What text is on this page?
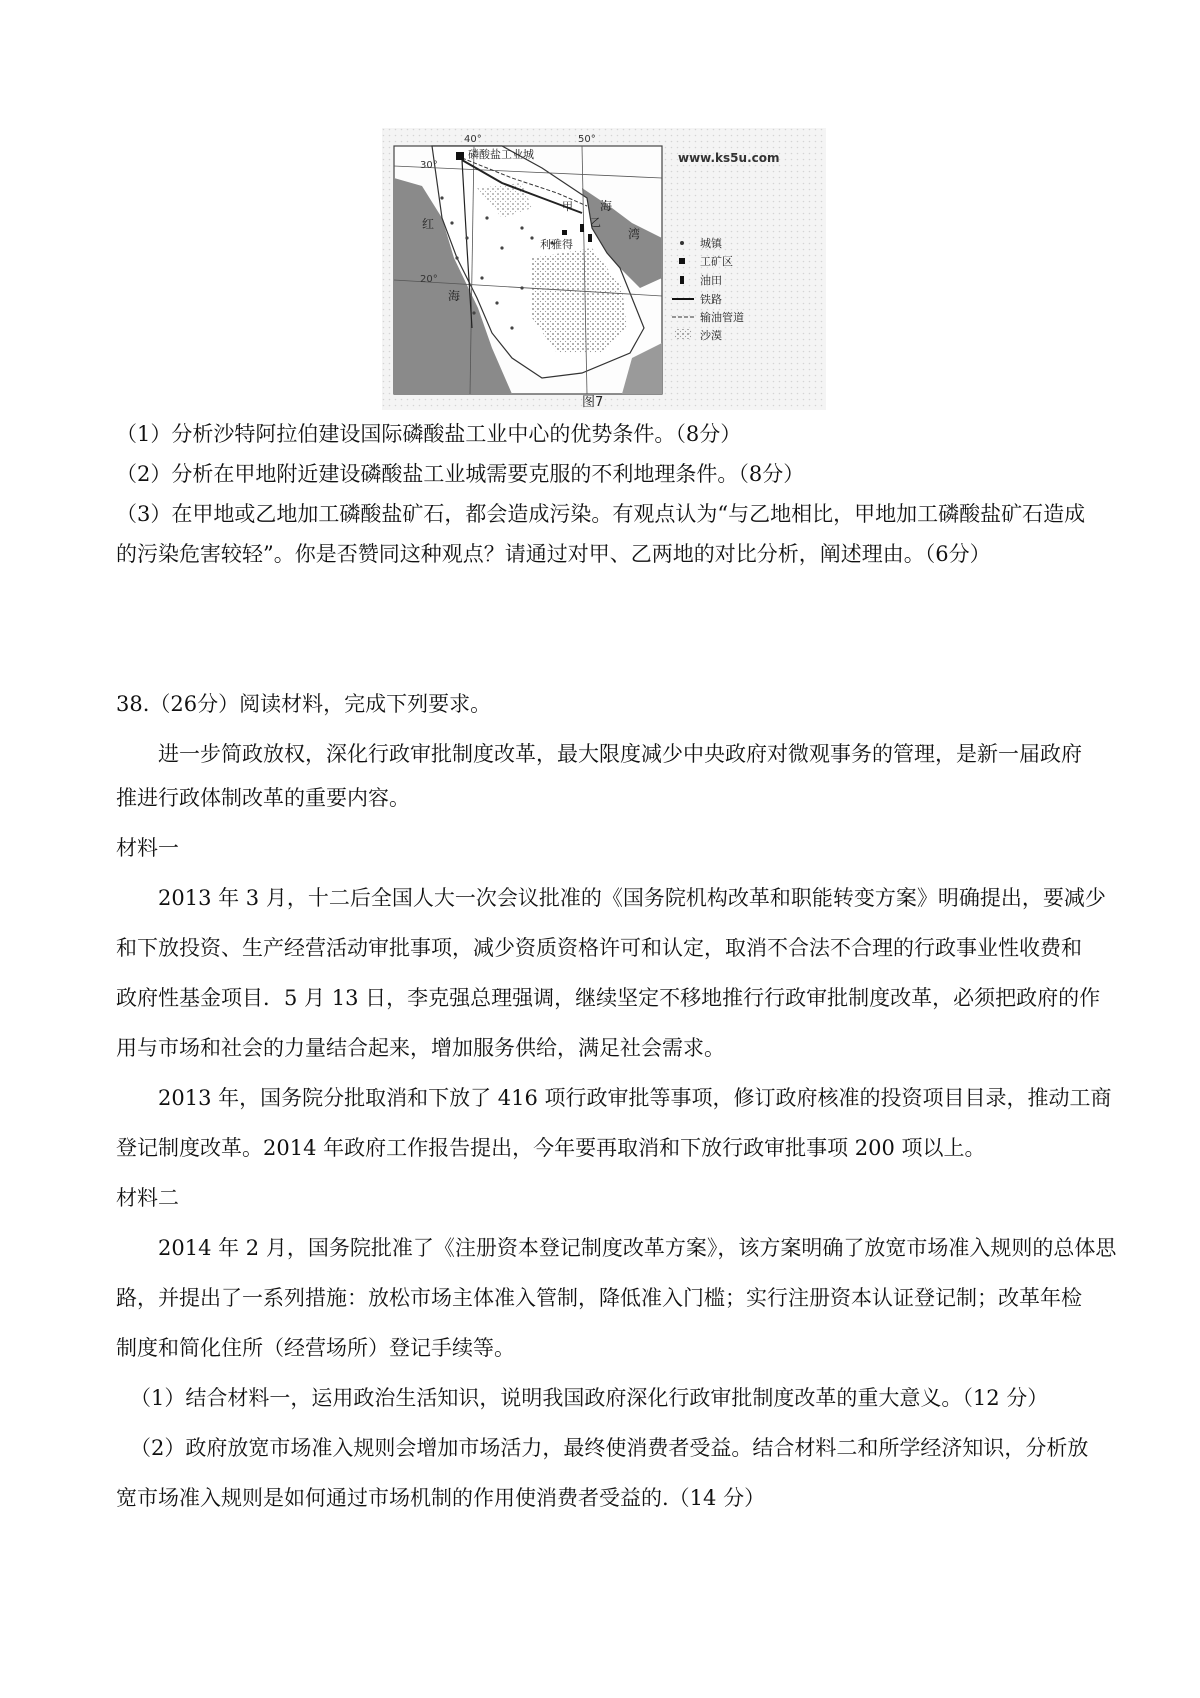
30°
20°
40°	50°
磷酸盐工业城	www.ks5u.com
甲
乙
红
海
海
湾
利雅得	城镇
工矿区
油田
铁路
输油管道
沙漠
图7
（1）分析沙特阿拉伯建设国际磷酸盐工业中心的优势条件。（8分）
（2）分析在甲地附近建设磷酸盐工业城需要克服的不利地理条件。（8分）
（3）在甲地或乙地加工磷酸盐矿石，都会造成污染。有观点认为“与乙地相比，甲地加工磷酸盐矿石造成
的污染危害较轻”。你是否赞同这种观点？请通过对甲、乙两地的对比分析，阐述理由。（6分）
38.（26分）阅读材料，完成下列要求。
进一步简政放权，深化行政审批制度改革，最大限度减少中央政府对微观事务的管理，是新一届政府
推进行政体制改革的重要内容。
材料一
2013 年 3 月，十二后全国人大一次会议批准的《国务院机构改革和职能转变方案》明确提出，要减少
和下放投资、生产经营活动审批事项，减少资质资格许可和认定，取消不合法不合理的行政事业性收费和
政府性基金项目．5 月 13 日，李克强总理强调，继续坚定不移地推行行政审批制度改革，必须把政府的作
用与市场和社会的力量结合起来，增加服务供给，满足社会需求。
2013 年，国务院分批取消和下放了 416 项行政审批等事项，修订政府核准的投资项目目录，推动工商
登记制度改革。2014 年政府工作报告提出，今年要再取消和下放行政审批事项 200 项以上。
材料二
2014 年 2 月，国务院批准了《注册资本登记制度改革方案》，该方案明确了放宽市场准入规则的总体思
路，并提出了一系列措施：放松市场主体准入管制，降低准入门槛；实行注册资本认证登记制；改革年检
制度和简化住所（经营场所）登记手续等。
（1）结合材料一，运用政治生活知识，说明我国政府深化行政审批制度改革的重大意义。（12 分）
（2）政府放宽市场准入规则会增加市场活力，最终使消费者受益。结合材料二和所学经济知识，分析放
宽市场准入规则是如何通过市场机制的作用使消费者受益的.（14 分）
